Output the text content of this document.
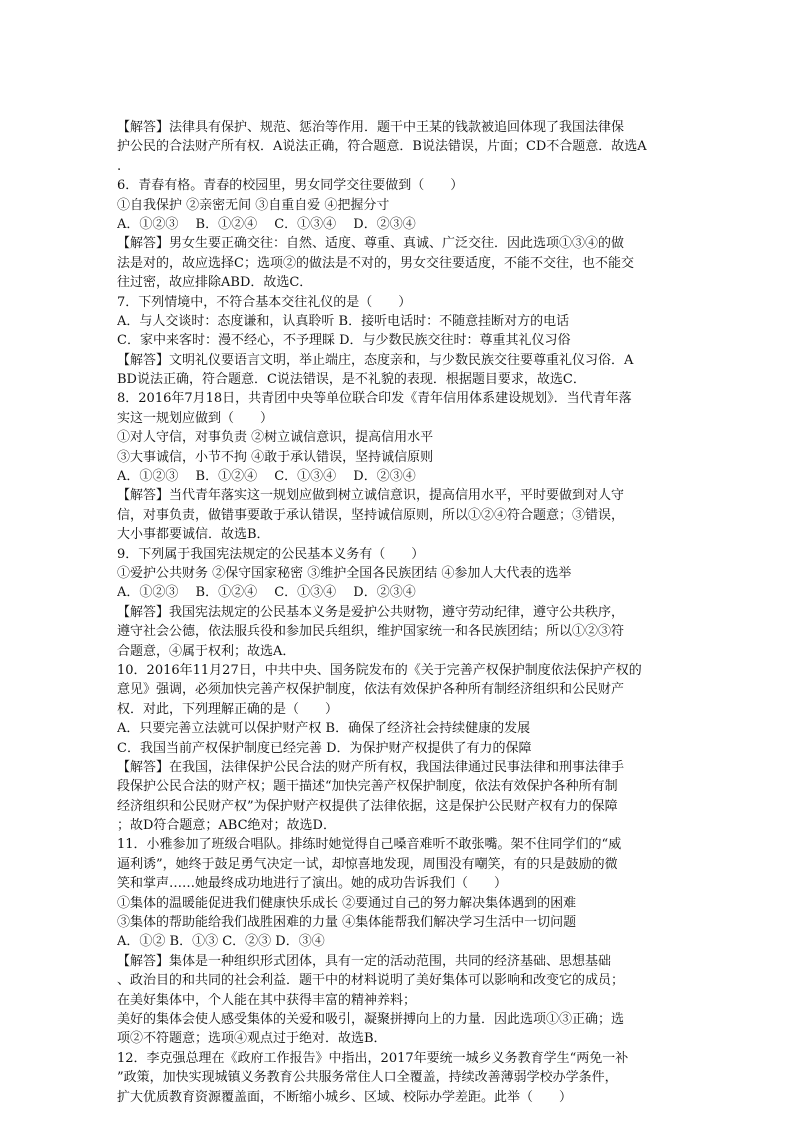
【解答】法律具有保护、规范、惩治等作用．题干中王某的钱款被追回体现了我国法律保
护公民的合法财产所有权．A说法正确，符合题意．B说法错误，片面；CD不合题意．故选A
.
6．青春有格。青春的校园里，男女同学交往要做到（　　）
①自我保护 ②亲密无间 ③自重自爱 ④把握分寸
A．①②③　 B．①②④　 C．①③④　 D．②③④
【解答】男女生要正确交往：自然、适度、尊重、真诚、广泛交往．因此选项①③④的做
法是对的，故应选择C；选项②的做法是不对的，男女交往要适度，不能不交往，也不能交
往过密，故应排除ABD．故选C．
7．下列情境中，不符合基本交往礼仪的是（　　）
A．与人交谈时：态度谦和，认真聆听 B．接听电话时：不随意挂断对方的电话
C．家中来客时：漫不经心，不予理睬 D．与少数民族交往时：尊重其礼仪习俗
【解答】文明礼仪要语言文明，举止端庄，态度亲和，与少数民族交往要尊重礼仪习俗．A
BD说法正确，符合题意．C说法错误，是不礼貌的表现．根据题目要求，故选C．
8．2016年7月18日，共青团中央等单位联合印发《青年信用体系建设规划》．当代青年落
实这一规划应做到（　　）
①对人守信，对事负责 ②树立诚信意识，提高信用水平
③大事诚信，小节不拘 ④敢于承认错误，坚持诚信原则
A．①②③　 B．①②④　 C．①③④　 D．②③④
【解答】当代青年落实这一规划应做到树立诚信意识，提高信用水平，平时要做到对人守
信，对事负责，做错事要敢于承认错误，坚持诚信原则，所以①②④符合题意；③错误，
大小事都要诚信．故选B．
9．下列属于我国宪法规定的公民基本义务有（　　）
①爱护公共财务 ②保守国家秘密 ③维护全国各民族团结 ④参加人大代表的选举
A．①②③　 B．①②④　 C．①③④　 D．②③④
【解答】我国宪法规定的公民基本义务是爱护公共财物，遵守劳动纪律，遵守公共秩序，
遵守社会公德，依法服兵役和参加民兵组织，维护国家统一和各民族团结；所以①②③符
合题意，④属于权利；故选A．
10．2016年11月27日，中共中央、国务院发布的《关于完善产权保护制度依法保护产权的
意见》强调，必须加快完善产权保护制度，依法有效保护各种所有制经济组织和公民财产
权．对此，下列理解正确的是（　　）
A．只要完善立法就可以保护财产权 B．确保了经济社会持续健康的发展
C．我国当前产权保护制度已经完善 D．为保护财产权提供了有力的保障
【解答】在我国，法律保护公民合法的财产所有权，我国法律通过民事法律和刑事法律手
段保护公民合法的财产权；题干描述“加快完善产权保护制度，依法有效保护各种所有制
经济组织和公民财产权”为保护财产权提供了法律依据，这是保护公民财产权有力的保障
；故D符合题意；ABC绝对；故选D．
11．小雅参加了班级合唱队。排练时她觉得自己嗓音难听不敢张嘴。架不住同学们的“威
逼利诱”，她终于鼓足勇气决定一试，却惊喜地发现，周围没有嘲笑，有的只是鼓励的微
笑和掌声……她最终成功地进行了演出。她的成功告诉我们（　　）
①集体的温暖能促进我们健康快乐成长 ②要通过自己的努力解决集体遇到的困难
③集体的帮助能给我们战胜困难的力量 ④集体能帮我们解决学习生活中一切问题
A．①② B．①③ C．②③ D．③④
【解答】集体是一种组织形式团体，具有一定的活动范围，共同的经济基础、思想基础
、政治目的和共同的社会利益．题干中的材料说明了美好集体可以影响和改变它的成员；
在美好集体中，个人能在其中获得丰富的精神养料；
美好的集体会使人感受集体的关爱和吸引，凝聚拼搏向上的力量．因此选项①③正确；选
项②不符题意；选项④观点过于绝对．故选B．
12．李克强总理在《政府工作报告》中指出，2017年要统一城乡义务教育学生“两免一补
”政策，加快实现城镇义务教育公共服务常住人口全覆盖，持续改善薄弱学校办学条件，
扩大优质教育资源覆盖面，不断缩小城乡、区域、校际办学差距。此举（　　）
